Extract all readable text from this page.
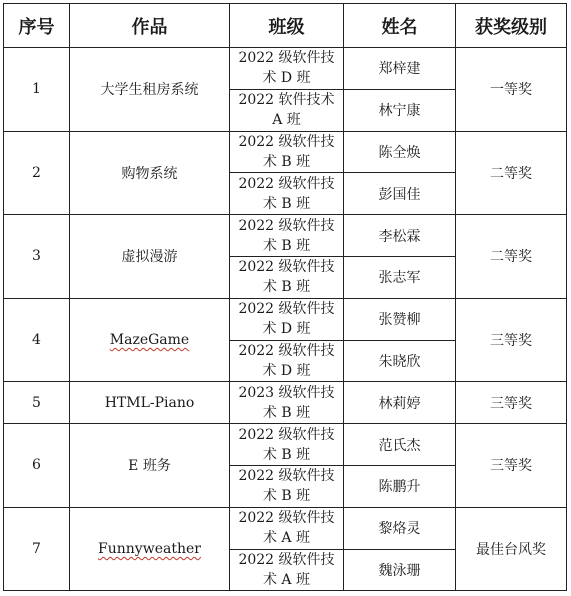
序号	作品	班级	姓名	获奖级别
1	大学生租房系统	2022 级软件技术 D 班	郑梓建	一等奖
		2022 软件技术 A 班	林宁康	
2	购物系统	2022 级软件技术 B 班	陈全焕	二等奖
		2022 级软件技术 B 班	彭国佳	
3	虚拟漫游	2022 级软件技术 B 班	李松霖	二等奖
		2022 级软件技术 B 班	张志军	
4	MazeGame	2022 级软件技术 D 班	张赞柳	三等奖
		2022 级软件技术 D 班	朱晓欣	
5	HTML-Piano	2023 级软件技术 B 班	林莉婷	三等奖
6	E 班务	2022 级软件技术 B 班	范氏杰	三等奖
		2022 级软件技术 B 班	陈鹏升	
7	Funnyweather	2022 级软件技术 A 班	黎烙灵	最佳台风奖
		2022 级软件技术 A 班	魏泳珊	
